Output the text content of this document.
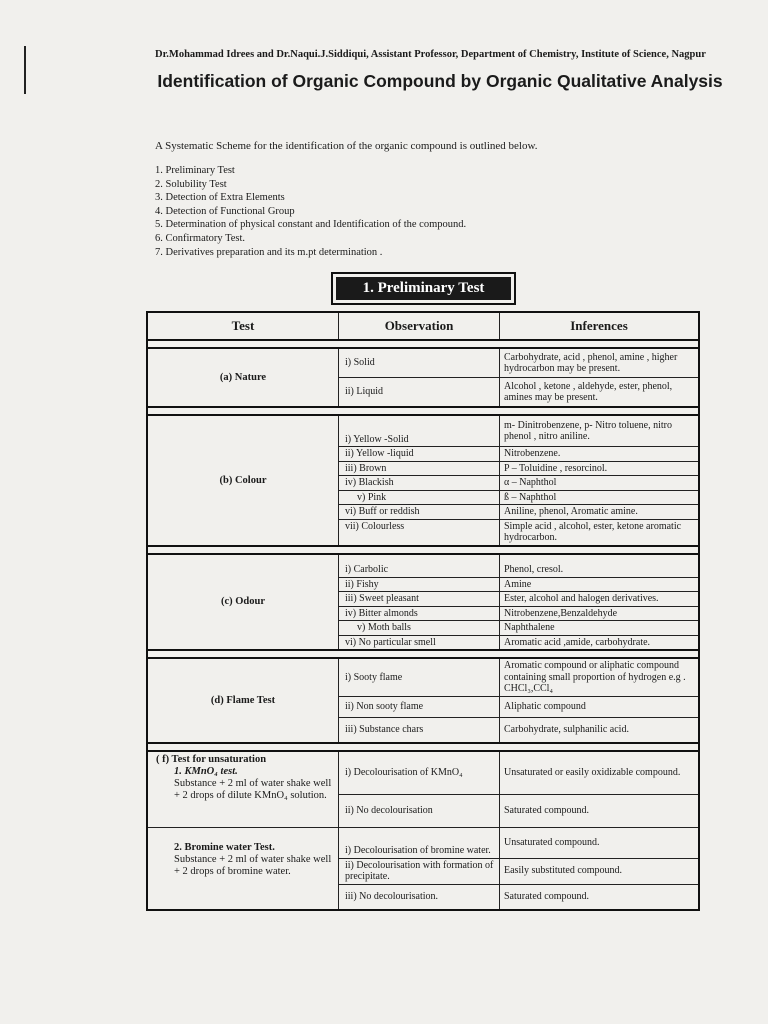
Dr.Mohammad Idrees and Dr.Naqui.J.Siddiqui, Assistant Professor, Department of Chemistry, Institute of Science, Nagpur
Identification of Organic Compound by Organic Qualitative Analysis
A Systematic Scheme for the identification of the organic compound is outlined below.
1. Preliminary Test
2. Solubility Test
3. Detection of Extra Elements
4. Detection of Functional Group
5. Determination of physical constant and Identification of the compound.
6. Confirmatory Test.
7. Derivatives preparation and its m.pt determination .
1. Preliminary Test
Test	Observation	Inferences

(a) Nature	i) Solid	Carbohydrate, acid , phenol, amine , higher hydrocarbon may be present.
	ii) Liquid	Alcohol , ketone , aldehyde, ester, phenol, amines may be present.

(b) Colour	i) Yellow -Solid	m- Dinitrobenzene, p- Nitro toluene, nitro phenol , nitro aniline.
	ii) Yellow -liquid	Nitrobenzene.
	iii) Brown	P – Toluidine , resorcinol.
	iv) Blackish	α – Naphthol
	v) Pink	ß – Naphthol
	vi) Buff or reddish	Aniline, phenol, Aromatic amine.
	vii) Colourless	Simple acid , alcohol, ester, ketone aromatic hydrocarbon.

(c) Odour	i) Carbolic	Phenol, cresol.
	ii) Fishy	Amine
	iii) Sweet pleasant	Ester, alcohol and halogen derivatives.
	iv) Bitter almonds	Nitrobenzene,Benzaldehyde
	v) Moth balls	Naphthalene
	vi) No particular smell	Aromatic acid ,amide, carbohydrate.

(d) Flame Test	i) Sooty flame	Aromatic compound or aliphatic compound containing small proportion of hydrogen e.g . CHCl₃,CCl₄
	ii) Non sooty flame	Aliphatic compound
	iii) Substance chars	Carbohydrate, sulphanilic acid.

( f) Test for unsaturation
1. KMnO₄ test.
Substance + 2 ml of water shake well + 2 drops of dilute KMnO₄ solution.	i) Decolourisation of KMnO₄	Unsaturated or easily oxidizable compound.
	ii) No decolourisation	Saturated compound.

2. Bromine water Test.
Substance + 2 ml of water shake well + 2 drops of bromine water.	i) Decolourisation of bromine water.	Unsaturated compound.
	ii) Decolourisation with formation of precipitate.	Easily substituted compound.
	iii) No decolourisation.	Saturated compound.
